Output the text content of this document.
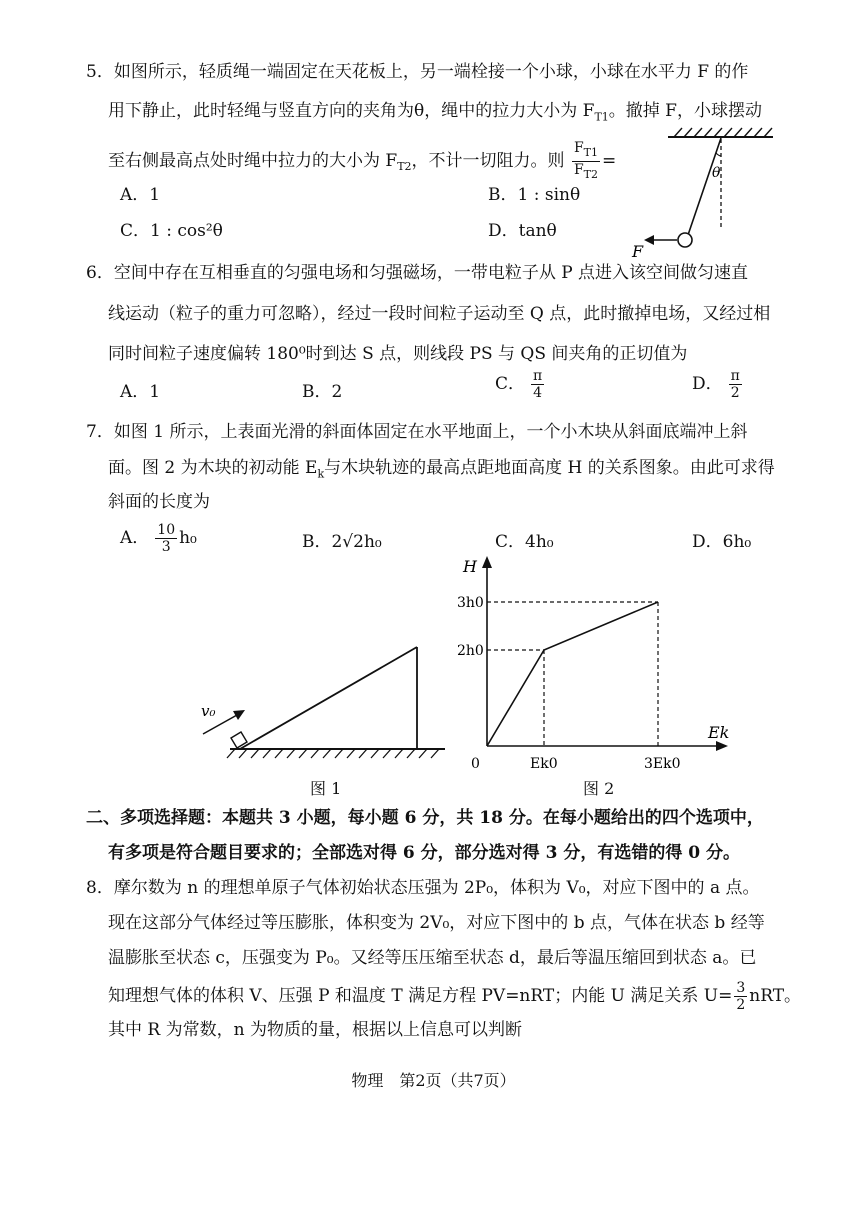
5．如图所示，轻质绳一端固定在天花板上，另一端栓接一个小球，小球在水平力 F 的作
用下静止，此时轻绳与竖直方向的夹角为θ，绳中的拉力大小为 $F_{T1}$。撤掉 F，小球摆动
至右侧最高点处时绳中拉力的大小为 $F_{T2}$，不计一切阻力。则 $\frac{F_{T1}}{F_{T2}}$ =
A．1	B．1 : sinθ
C．1 : cos²θ	D．tanθ
θ
F
6．空间中存在互相垂直的匀强电场和匀强磁场，一带电粒子从 P 点进入该空间做匀速直
线运动（粒子的重力可忽略），经过一段时间粒子运动至 Q 点，此时撤掉电场，又经过相
同时间粒子速度偏转 180⁰时到达 S 点，则线段 PS 与 QS 间夹角的正切值为
A．1	B．2	C． $\frac{\pi}{4}$	D． $\frac{\pi}{2}$
7．如图 1 所示，上表面光滑的斜面体固定在水平地面上，一个小木块从斜面底端冲上斜
面。图 2 为木块的初动能 $E_k$与木块轨迹的最高点距地面高度 H 的关系图象。由此可求得
斜面的长度为
A． $\frac{10}{3} h_0$	B．2√2h₀	C．4h₀	D．6h₀
v₀
图 1
Ek
H
0	Ek0	3Ek0
2h0
3h0
图 2
二、多项选择题：本题共 3 小题，每小题 6 分，共 18 分。在每小题给出的四个选项中，
有多项是符合题目要求的；全部选对得 6 分，部分选对得 3 分，有选错的得 0 分。
8．摩尔数为 n 的理想单原子气体初始状态压强为 2P₀，体积为 V₀，对应下图中的 a 点。
现在这部分气体经过等压膨胀，体积变为 2V₀，对应下图中的 b 点，气体在状态 b 经等
温膨胀至状态 c，压强变为 P₀。又经等压压缩至状态 d，最后等温压缩回到状态 a。已
知理想气体的体积 V、压强 P 和温度 T 满足方程 PV=nRT；内能 U 满足关系 $U= \frac{3}{2}$ nRT。
其中 R 为常数，n 为物质的量，根据以上信息可以判断
物理　第2页（共7页）
